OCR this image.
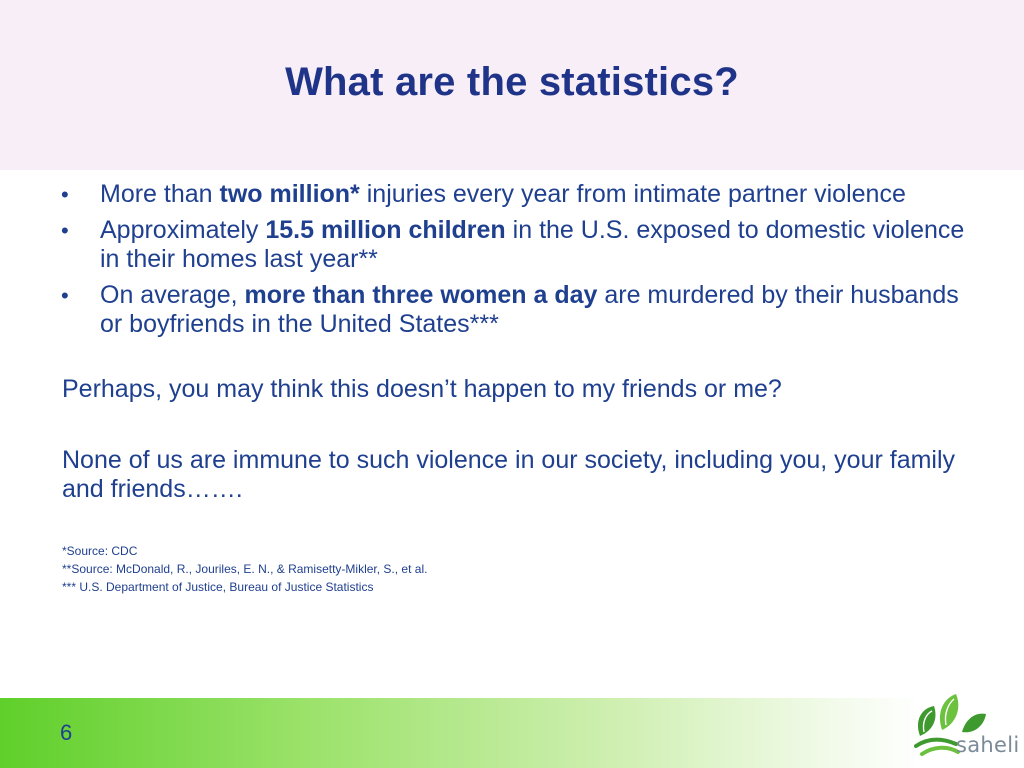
What are the statistics?
• More than two million* injuries every year from intimate partner violence
• Approximately 15.5 million children in the U.S. exposed to domestic violence in their homes last year**
• On average, more than three women a day are murdered by their husbands or boyfriends in the United States***

Perhaps, you may think this doesn’t happen to my friends or me?

None of us are immune to such violence in our society, including you, your family and friends…….

*Source: CDC
**Source: McDonald, R., Jouriles, E. N., & Ramisetty-Mikler, S., et al.
*** U.S. Department of Justice, Bureau of Justice Statistics
6	saheli
